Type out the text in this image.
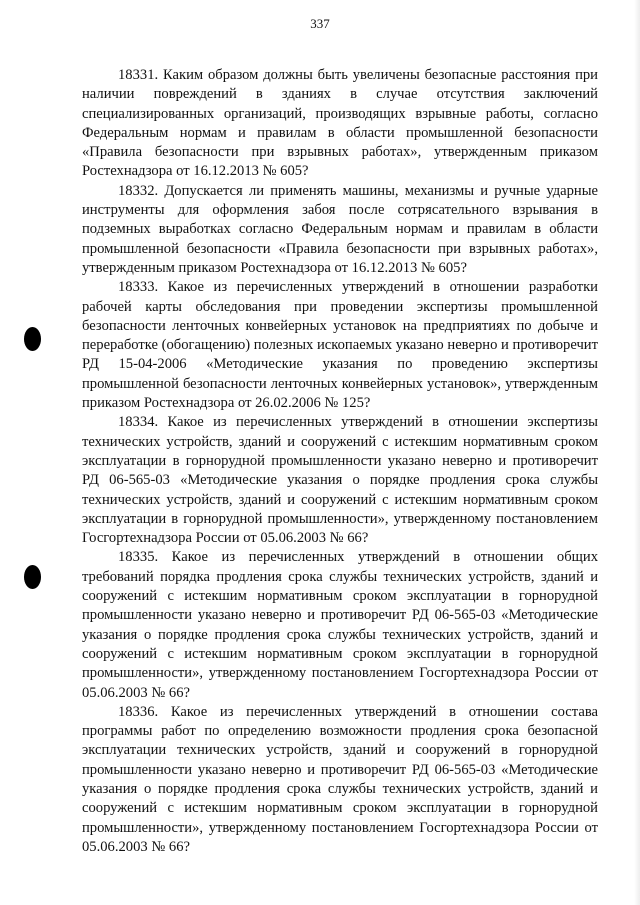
337

18331. Каким образом должны быть увеличены безопасные расстояния при наличии повреждений в зданиях в случае отсутствия заключений специализированных организаций, производящих взрывные работы, согласно Федеральным нормам и правилам в области промышленной безопасности «Правила безопасности при взрывных работах», утвержденным приказом Ростехнадзора от 16.12.2013 № 605?

18332. Допускается ли применять машины, механизмы и ручные ударные инструменты для оформления забоя после сотрясательного взрывания в подземных выработках согласно Федеральным нормам и правилам в области промышленной безопасности «Правила безопасности при взрывных работах», утвержденным приказом Ростехнадзора от 16.12.2013 № 605?

18333. Какое из перечисленных утверждений в отношении разработки рабочей карты обследования при проведении экспертизы промышленной безопасности ленточных конвейерных установок на предприятиях по добыче и переработке (обогащению) полезных ископаемых указано неверно и противоречит РД 15-04-2006 «Методические указания по проведению экспертизы промышленной безопасности ленточных конвейерных установок», утвержденным приказом Ростехнадзора от 26.02.2006 № 125?

18334. Какое из перечисленных утверждений в отношении экспертизы технических устройств, зданий и сооружений с истекшим нормативным сроком эксплуатации в горнорудной промышленности указано неверно и противоречит РД 06-565-03 «Методические указания о порядке продления срока службы технических устройств, зданий и сооружений с истекшим нормативным сроком эксплуатации в горнорудной промышленности», утвержденному постановлением Госгортехнадзора России от 05.06.2003 № 66?

18335. Какое из перечисленных утверждений в отношении общих требований порядка продления срока службы технических устройств, зданий и сооружений с истекшим нормативным сроком эксплуатации в горнорудной промышленности указано неверно и противоречит РД 06-565-03 «Методические указания о порядке продления срока службы технических устройств, зданий и сооружений с истекшим нормативным сроком эксплуатации в горнорудной промышленности», утвержденному постановлением Госгортехнадзора России от 05.06.2003 № 66?

18336. Какое из перечисленных утверждений в отношении состава программы работ по определению возможности продления срока безопасной эксплуатации технических устройств, зданий и сооружений в горнорудной промышленности указано неверно и противоречит РД 06-565-03 «Методические указания о порядке продления срока службы технических устройств, зданий и сооружений с истекшим нормативным сроком эксплуатации в горнорудной промышленности», утвержденному постановлением Госгортехнадзора России от 05.06.2003 № 66?
